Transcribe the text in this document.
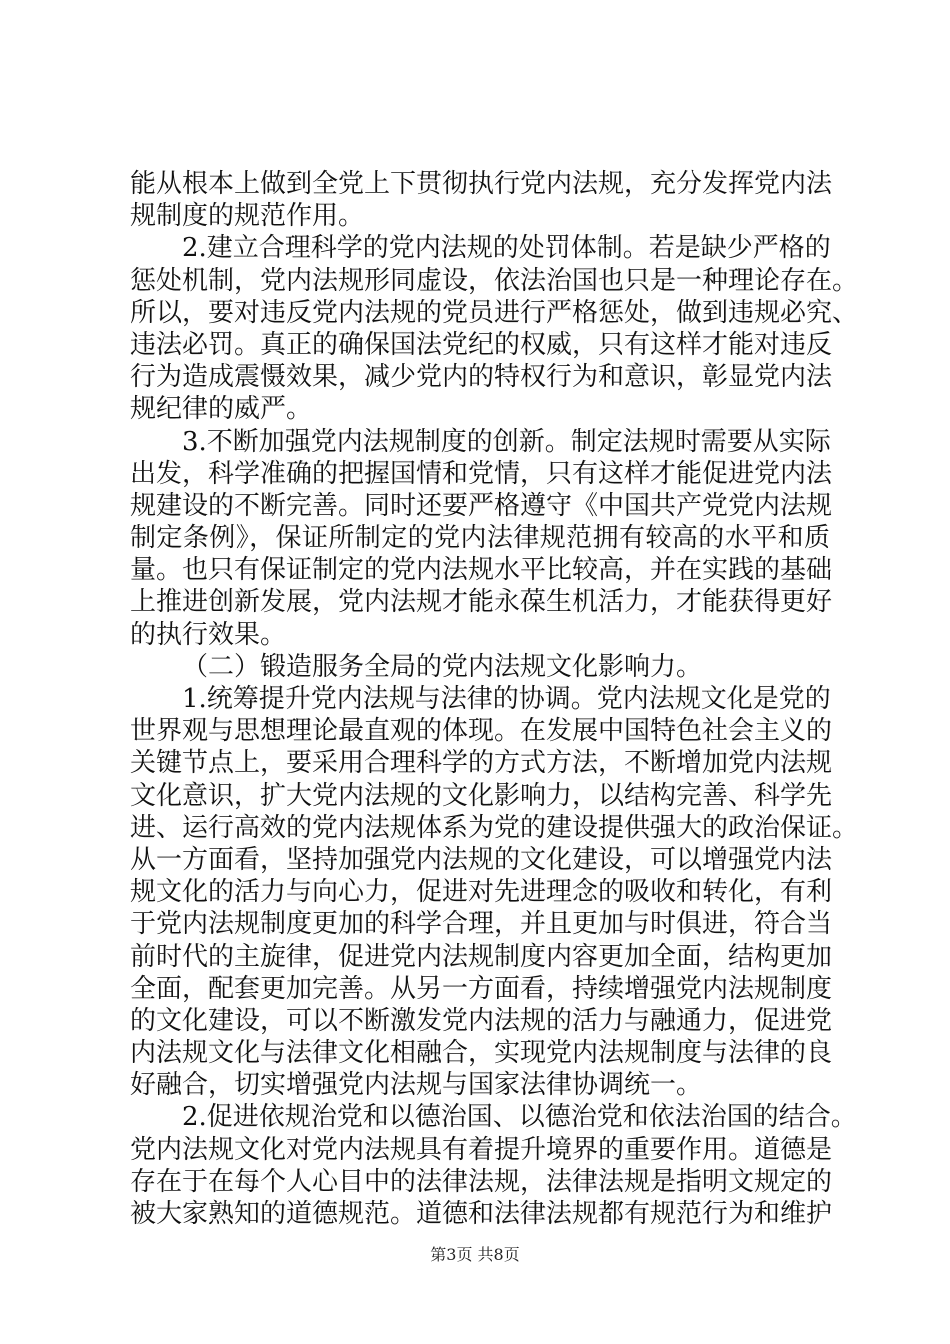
能从根本上做到全党上下贯彻执行党内法规，充分发挥党内法
规制度的规范作用。
2.建立合理科学的党内法规的处罚体制。若是缺少严格的
惩处机制，党内法规形同虚设，依法治国也只是一种理论存在。
所以，要对违反党内法规的党员进行严格惩处，做到违规必究、
违法必罚。真正的确保国法党纪的权威，只有这样才能对违反
行为造成震慑效果，减少党内的特权行为和意识，彰显党内法
规纪律的威严。
3.不断加强党内法规制度的创新。制定法规时需要从实际
出发，科学准确的把握国情和党情，只有这样才能促进党内法
规建设的不断完善。同时还要严格遵守《中国共产党党内法规
制定条例》，保证所制定的党内法律规范拥有较高的水平和质
量。也只有保证制定的党内法规水平比较高，并在实践的基础
上推进创新发展，党内法规才能永葆生机活力，才能获得更好
的执行效果。
（二）锻造服务全局的党内法规文化影响力。
1.统筹提升党内法规与法律的协调。党内法规文化是党的
世界观与思想理论最直观的体现。在发展中国特色社会主义的
关键节点上，要采用合理科学的方式方法，不断增加党内法规
文化意识，扩大党内法规的文化影响力，以结构完善、科学先
进、运行高效的党内法规体系为党的建设提供强大的政治保证。
从一方面看，坚持加强党内法规的文化建设，可以增强党内法
规文化的活力与向心力，促进对先进理念的吸收和转化，有利
于党内法规制度更加的科学合理，并且更加与时俱进，符合当
前时代的主旋律，促进党内法规制度内容更加全面，结构更加
全面，配套更加完善。从另一方面看，持续增强党内法规制度
的文化建设，可以不断激发党内法规的活力与融通力，促进党
内法规文化与法律文化相融合，实现党内法规制度与法律的良
好融合，切实增强党内法规与国家法律协调统一。
2.促进依规治党和以德治国、以德治党和依法治国的结合。
党内法规文化对党内法规具有着提升境界的重要作用。道德是
存在于在每个人心目中的法律法规，法律法规是指明文规定的
被大家熟知的道德规范。道德和法律法规都有规范行为和维护
第3页 共8页
